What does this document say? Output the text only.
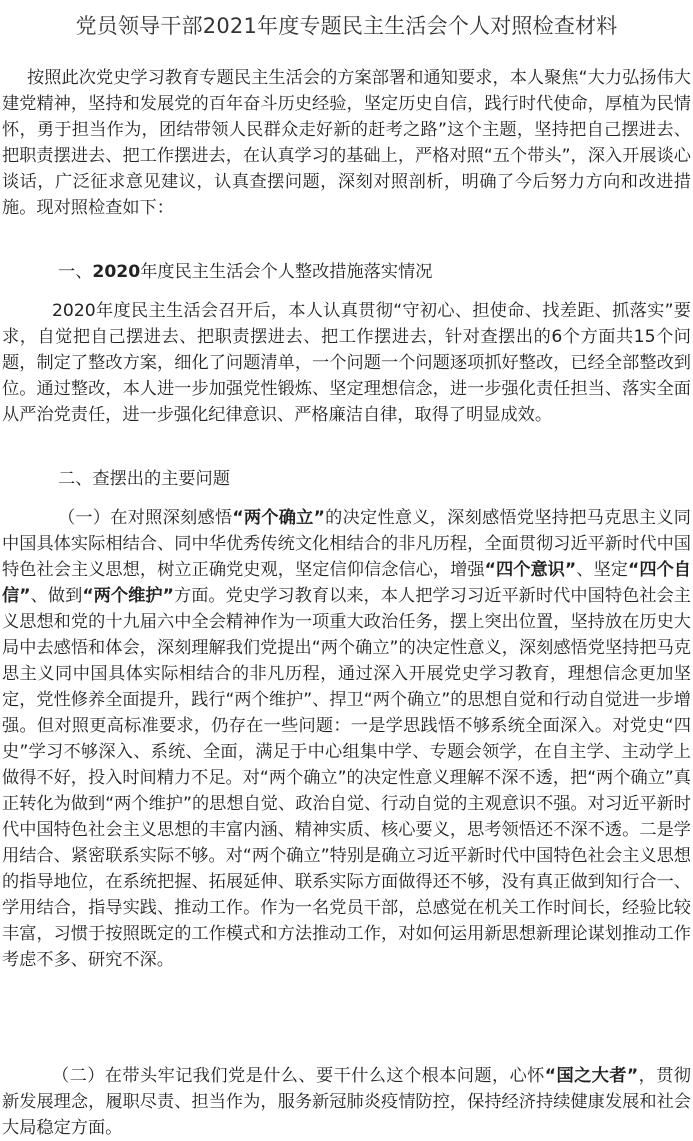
党员领导干部2021年度专题民主生活会个人对照检查材料

按照此次党史学习教育专题民主生活会的方案部署和通知要求，本人聚焦“大力弘扬伟大建党精神，坚持和发展党的百年奋斗历史经验，坚定历史自信，践行时代使命，厚植为民情怀，勇于担当作为，团结带领人民群众走好新的赶考之路”这个主题，坚持把自己摆进去、把职责摆进去、把工作摆进去，在认真学习的基础上，严格对照“五个带头”，深入开展谈心谈话，广泛征求意见建议，认真查摆问题，深刻对照剖析，明确了今后努力方向和改进措施。现对照检查如下：

一、2020年度民主生活会个人整改措施落实情况

2020年度民主生活会召开后，本人认真贯彻“守初心、担使命、找差距、抓落实”要求，自觉把自己摆进去、把职责摆进去、把工作摆进去，针对查摆出的6个方面共15个问题，制定了整改方案，细化了问题清单，一个问题一个问题逐项抓好整改，已经全部整改到位。通过整改，本人进一步加强党性锻炼、坚定理想信念，进一步强化责任担当、落实全面从严治党责任，进一步强化纪律意识、严格廉洁自律，取得了明显成效。

二、查摆出的主要问题

（一）在对照深刻感悟“两个确立”的决定性意义，深刻感悟党坚持把马克思主义同中国具体实际相结合、同中华优秀传统文化相结合的非凡历程，全面贯彻习近平新时代中国特色社会主义思想，树立正确党史观，坚定信仰信念信心，增强“四个意识”、坚定“四个自信”、做到“两个维护”方面。党史学习教育以来，本人把学习习近平新时代中国特色社会主义思想和党的十九届六中全会精神作为一项重大政治任务，摆上突出位置，坚持放在历史大局中去感悟和体会，深刻理解我们党提出“两个确立”的决定性意义，深刻感悟党坚持把马克思主义同中国具体实际相结合的非凡历程，通过深入开展党史学习教育，理想信念更加坚定，党性修养全面提升，践行“两个维护”、捍卫“两个确立”的思想自觉和行动自觉进一步增强。但对照更高标准要求，仍存在一些问题：一是学思践悟不够系统全面深入。对党史“四史”学习不够深入、系统、全面，满足于中心组集中学、专题会领学，在自主学、主动学上做得不好，投入时间精力不足。对“两个确立”的决定性意义理解不深不透，把“两个确立”真正转化为做到“两个维护”的思想自觉、政治自觉、行动自觉的主观意识不强。对习近平新时代中国特色社会主义思想的丰富内涵、精神实质、核心要义，思考领悟还不深不透。二是学用结合、紧密联系实际不够。对“两个确立”特别是确立习近平新时代中国特色社会主义思想的指导地位，在系统把握、拓展延伸、联系实际方面做得还不够，没有真正做到知行合一、学用结合，指导实践、推动工作。作为一名党员干部，总感觉在机关工作时间长，经验比较丰富，习惯于按照既定的工作模式和方法推动工作，对如何运用新思想新理论谋划推动工作考虑不多、研究不深。

（二）在带头牢记我们党是什么、要干什么这个根本问题，心怀“国之大者”，贯彻新发展理念，履职尽责、担当作为，服务新冠肺炎疫情防控，保持经济持续健康发展和社会大局稳定方面。
